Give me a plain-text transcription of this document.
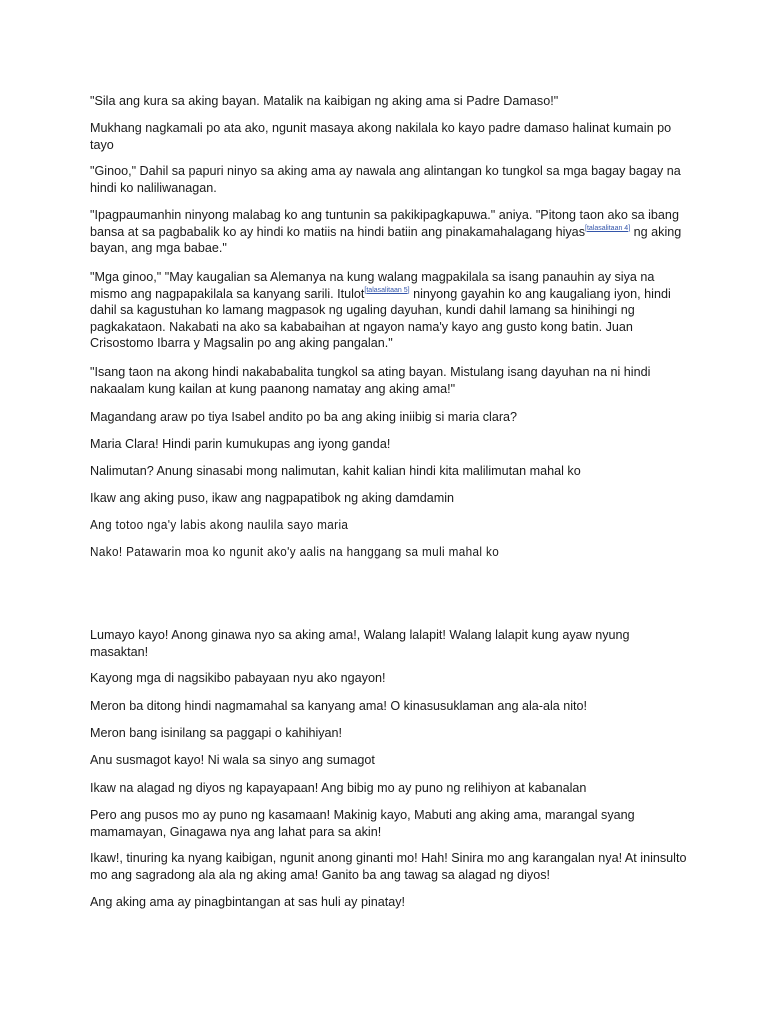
"Sila ang kura sa aking bayan. Matalik na kaibigan ng aking ama si Padre Damaso!"

Mukhang nagkamali po ata ako, ngunit masaya akong nakilala ko kayo padre damaso halinat kumain po tayo

"Ginoo," Dahil sa papuri ninyo sa aking ama ay nawala ang alintangan ko tungkol sa mga bagay bagay na hindi ko naliliwanagan.

"Ipagpaumanhin ninyong malabag ko ang tuntunin sa pakikipagkapuwa." aniya. "Pitong taon ako sa ibang bansa at sa pagbabalik ko ay hindi ko matiis na hindi batiin ang pinakamahalagang hiyas[talasalitaan 4] ng aking bayan, ang mga babae."

"Mga ginoo," "May kaugalian sa Alemanya na kung walang magpakilala sa isang panauhin ay siya na mismo ang nagpapakilala sa kanyang sarili. Itulot[talasalitaan 5] ninyong gayahin ko ang kaugaliang iyon, hindi dahil sa kagustuhan ko lamang magpasok ng ugaling dayuhan, kundi dahil lamang sa hinihingi ng pagkakataon. Nakabati na ako sa kababaihan at ngayon nama'y kayo ang gusto kong batin. Juan Crisostomo Ibarra y Magsalin po ang aking pangalan."

"Isang taon na akong hindi nakababalita tungkol sa ating bayan. Mistulang isang dayuhan na ni hindi nakaalam kung kailan at kung paanong namatay ang aking ama!"

Magandang araw po tiya Isabel andito po ba ang aking iniibig si maria clara?

Maria Clara! Hindi parin kumukupas ang iyong ganda!

Nalimutan? Anung sinasabi mong nalimutan, kahit kalian hindi kita malilimutan mahal ko

Ikaw ang aking puso, ikaw ang nagpapatibok ng aking damdamin

Ang totoo nga'y labis akong naulila sayo maria

Nako! Patawarin moa ko ngunit ako'y aalis na hanggang sa muli mahal ko

Lumayo kayo! Anong ginawa nyo sa aking ama!, Walang lalapit! Walang lalapit kung ayaw nyung masaktan!

Kayong mga di nagsikibo pabayaan nyu ako ngayon!

Meron ba ditong hindi nagmamahal sa kanyang ama! O kinasusuklaman ang ala-ala nito!

Meron bang isinilang sa paggapi o kahihiyan!

Anu susmagot kayo! Ni wala sa sinyo ang sumagot

Ikaw na alagad ng diyos ng kapayapaan! Ang bibig mo ay puno ng relihiyon at kabanalan

Pero ang pusos mo ay puno ng kasamaan! Makinig kayo, Mabuti ang aking ama, marangal syang mamamayan, Ginagawa nya ang lahat para sa akin!

Ikaw!, tinuring ka nyang kaibigan, ngunit anong ginanti mo! Hah! Sinira mo ang karangalan nya! At ininsulto mo ang sagradong ala ala ng aking ama! Ganito ba ang tawag sa alagad ng diyos!

Ang aking ama ay pinagbintangan at sas huli ay pinatay!
